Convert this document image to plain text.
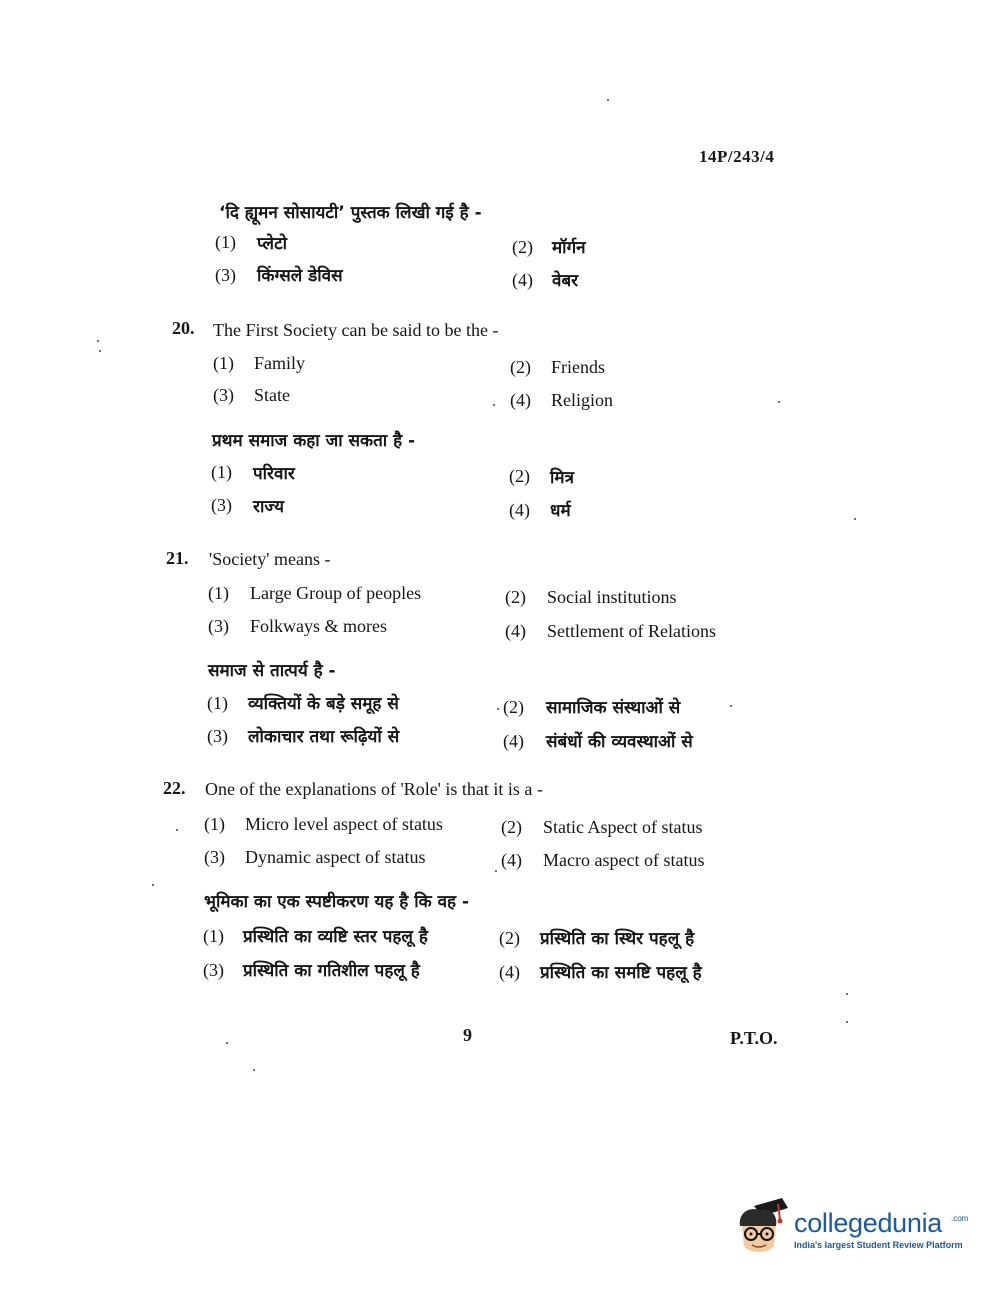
14P/243/4
‘दि ह्यूमन सोसायटी’ पुस्तक लिखी गई है -
(1) प्लेटो	(2) मॉर्गन
(3) किंग्सले डेविस	(4) वेबर
20. The First Society can be said to be the -
(1) Family	(2) Friends
(3) State	(4) Religion
प्रथम समाज कहा जा सकता है -
(1) परिवार	(2) मित्र
(3) राज्य	(4) धर्म
21. 'Society' means -
(1) Large Group of peoples	(2) Social institutions
(3) Folkways & mores	(4) Settlement of Relations
समाज से तात्पर्य है -
(1) व्यक्तियों के बड़े समूह से	(2) सामाजिक संस्थाओं से
(3) लोकाचार तथा रूढ़ियों से	(4) संबंधों की व्यवस्थाओं से
22. One of the explanations of 'Role' is that it is a -
(1) Micro level aspect of status	(2) Static Aspect of status
(3) Dynamic aspect of status	(4) Macro aspect of status
भूमिका का एक स्पष्टीकरण यह है कि वह -
(1) प्रस्थिति का व्यष्टि स्तर पहलू है	(2) प्रस्थिति का स्थिर पहलू है
(3) प्रस्थिति का गतिशील पहलू है	(4) प्रस्थिति का समष्टि पहलू है
9	P.T.O.
collegedunia .com
India's largest Student Review Platform
